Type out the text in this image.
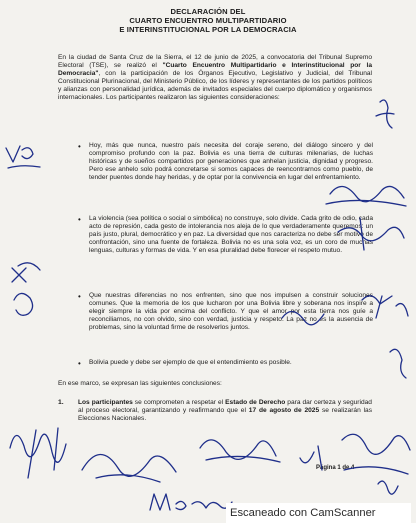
DECLARACIÓN DEL
CUARTO ENCUENTRO MULTIPARTIDARIO
E INTERINSTITUCIONAL POR LA DEMOCRACIA
En la ciudad de Santa Cruz de la Sierra, el 12 de junio de 2025, a convocatoria del Tribunal Supremo Electoral (TSE), se realizó el "Cuarto Encuentro Multipartidario e Interinstitucional por la Democracia", con la participación de los Órganos Ejecutivo, Legislativo y Judicial, del Tribunal Constitucional Plurinacional, del Ministerio Público, de los líderes y representantes de los partidos políticos y alianzas con personalidad jurídica, además de invitados especiales del cuerpo diplomático y organismos internacionales. Los participantes realizaron las siguientes consideraciones:
• Hoy, más que nunca, nuestro país necesita del coraje sereno, del diálogo sincero y del compromiso profundo con la paz. Bolivia es una tierra de culturas milenarias, de luchas históricas y de sueños compartidos por generaciones que anhelan justicia, dignidad y progreso. Pero ese anhelo solo podrá concretarse si somos capaces de reencontrarnos como pueblo, de tender puentes donde hay heridas, y de optar por la convivencia en lugar del enfrentamiento.
• La violencia (sea política o social o simbólica) no construye, solo divide. Cada grito de odio, cada acto de represión, cada gesto de intolerancia nos aleja de lo que verdaderamente queremos: un país justo, plural, democrático y en paz. La diversidad que nos caracteriza no debe ser motivo de confrontación, sino una fuente de fortaleza. Bolivia no es una sola voz, es un coro de muchas lenguas, culturas y formas de vida. Y en esa pluralidad debe florecer el respeto mutuo.
• Que nuestras diferencias no nos enfrenten, sino que nos impulsen a construir soluciones comunes. Que la memoria de los que lucharon por una Bolivia libre y soberana nos inspire a elegir siempre la vida por encima del conflicto. Y que el amor por esta tierra nos guíe a reconciliarnos, no con olvido, sino con verdad, justicia y respeto. La paz no es la ausencia de problemas, sino la voluntad firme de resolverlos juntos.
• Bolivia puede y debe ser ejemplo de que el entendimiento es posible.
En ese marco, se expresan las siguientes conclusiones:
1. Los participantes se comprometen a respetar el Estado de Derecho para dar certeza y seguridad al proceso electoral, garantizando y reafirmando que el 17 de agosto de 2025 se realizarán las Elecciones Nacionales.
Página 1 de 4
Escaneado con CamScanner
